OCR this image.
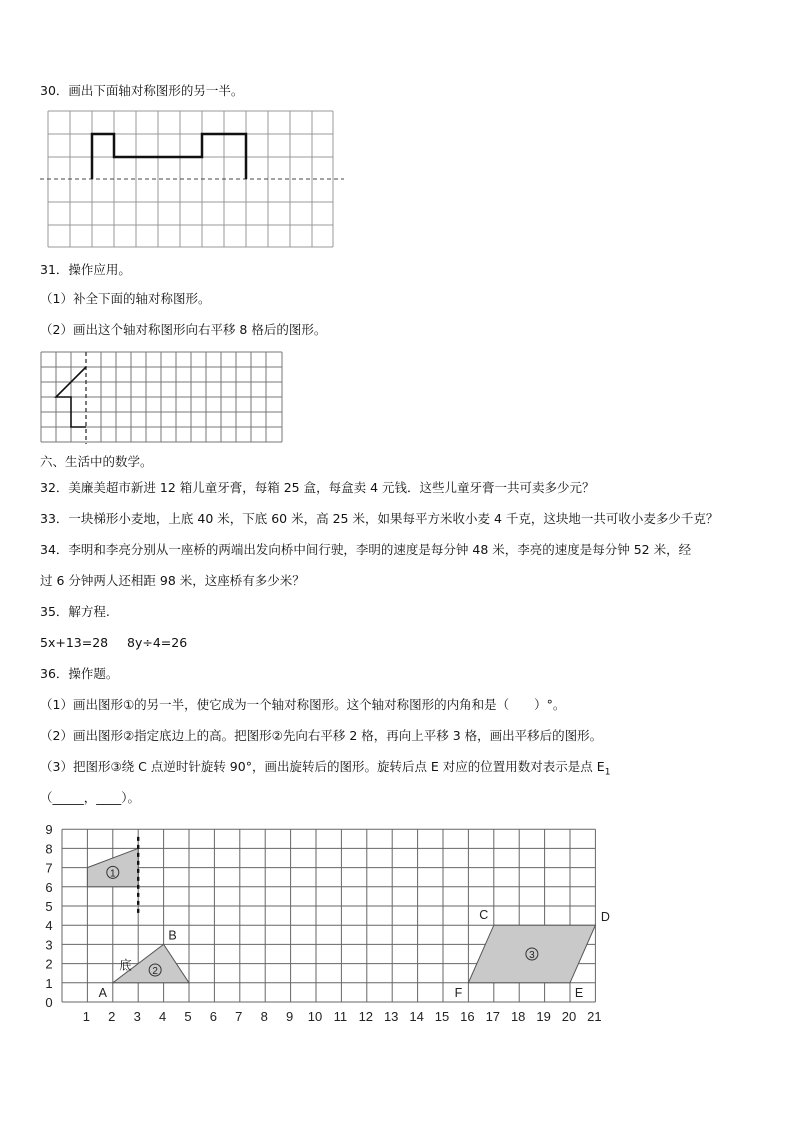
30．画出下面轴对称图形的另一半。
31．操作应用。
（1）补全下面的轴对称图形。
（2）画出这个轴对称图形向右平移 8 格后的图形。
六、生活中的数学。
32．美廉美超市新进 12 箱儿童牙膏，每箱 25 盒，每盒卖 4 元钱．这些儿童牙膏一共可卖多少元？
33．一块梯形小麦地，上底 40 米，下底 60 米，高 25 米，如果每平方米收小麦 4 千克，这块地一共可收小麦多少千克？
34．李明和李亮分别从一座桥的两端出发向桥中间行驶，李明的速度是每分钟 48 米，李亮的速度是每分钟 52 米，经
过 6 分钟两人还相距 98 米，这座桥有多少米？
35．解方程.
5x+13=28 8y÷4=26
36．操作题。
（1）画出图形①的另一半，使它成为一个轴对称图形。这个轴对称图形的内角和是（　　）°。
（2）画出图形②指定底边上的高。把图形②先向右平移 2 格，再向上平移 3 格，画出平移后的图形。
（3）把图形③绕 C 点逆时针旋转 90°，画出旋转后的图形。旋转后点 E 对应的位置用数对表示是点 $E_1$
（_____，____）。
1 2 3 4 5 6 7 8 9 10 11 12 13 14 15 16 17 18 19 20 21
0
1
2
3
4
5
6
7
8
9
1
2
A
B
底
3
C	D
E
F
